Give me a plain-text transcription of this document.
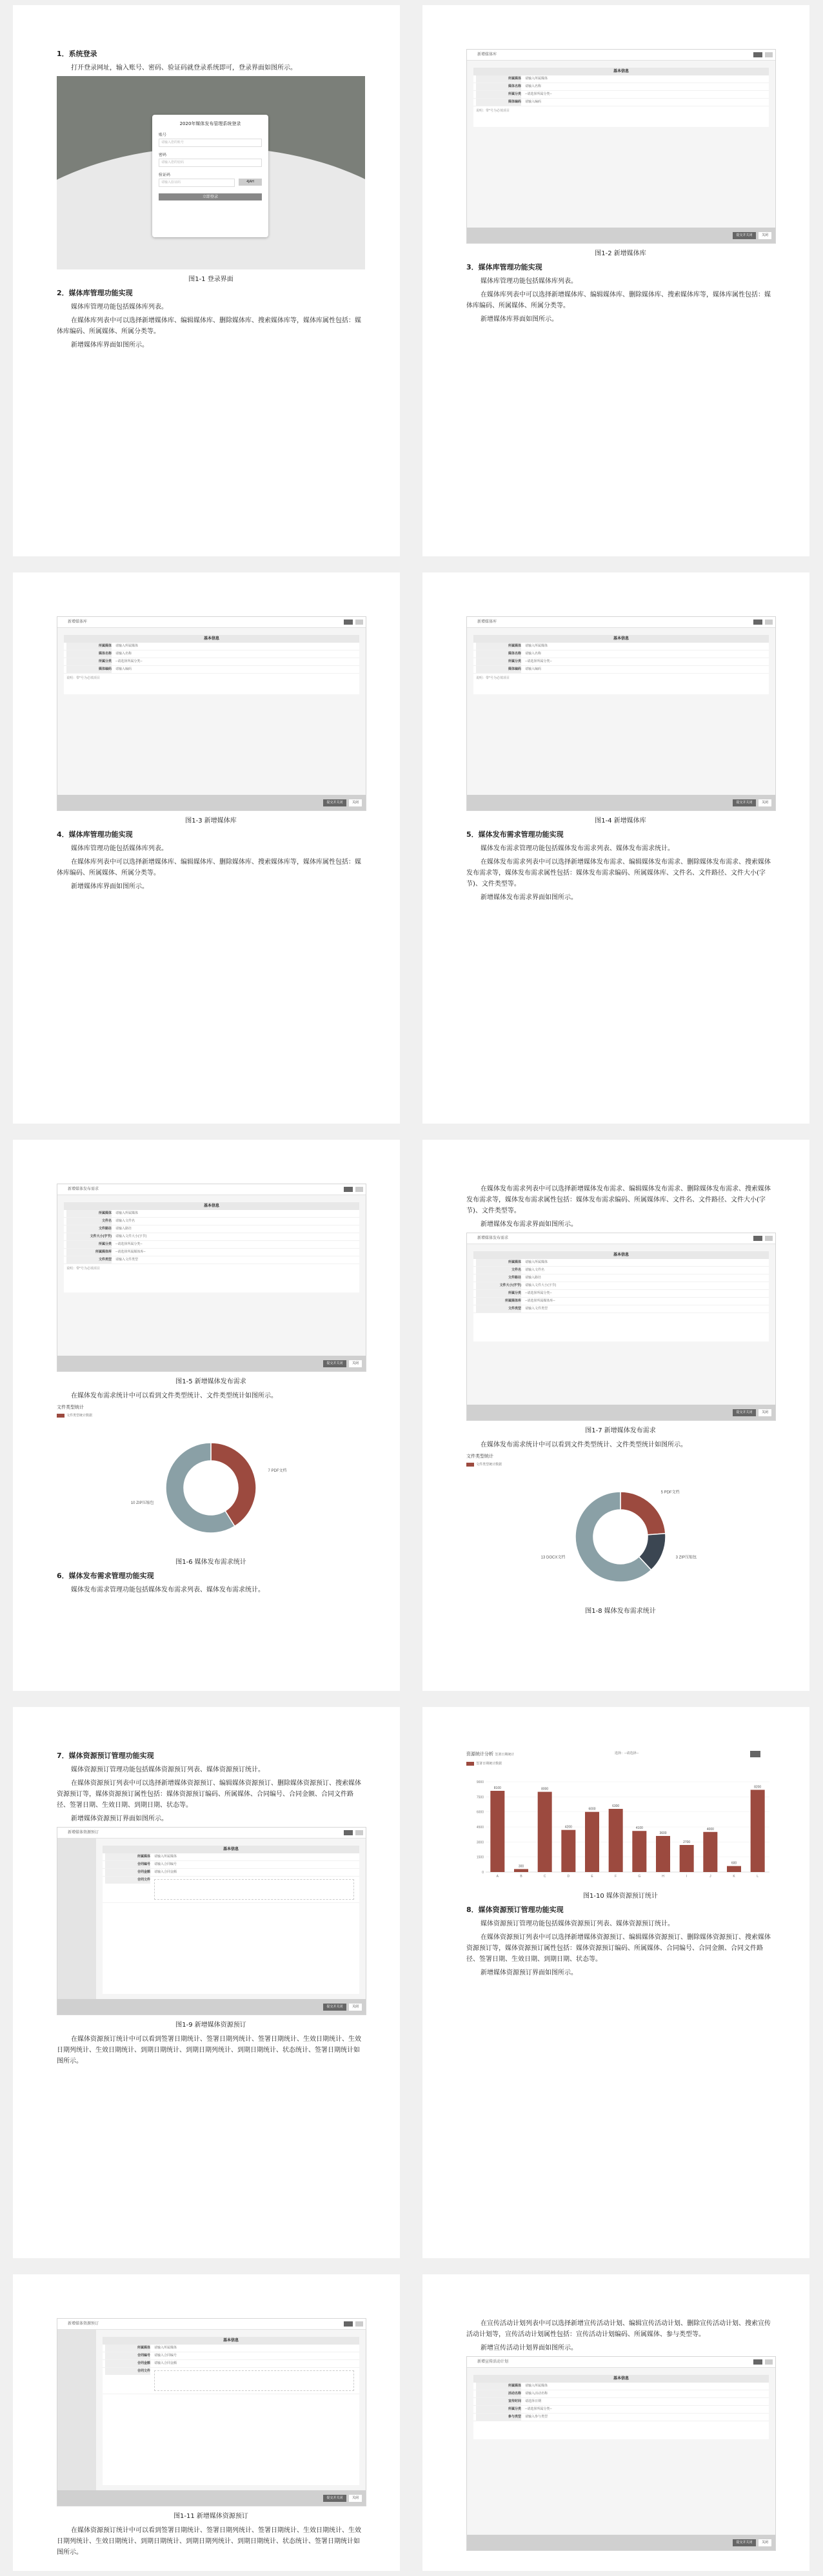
1．系统登录
打开登录网址，输入账号、密码、验证码就登录系统即可，登录界面如图所示。
2020年媒体发布管理系统登录
账号
请输入您的账号
密码
请输入您的密码
验证码
请输入验证码	4JAH
立即登录
图1-1 登录界面
2．媒体库管理功能实现
媒体库管理功能包括媒体库列表。
在媒体库列表中可以选择新增媒体库、编辑媒体库、删除媒体库、搜索媒体库等，媒体库属性包括：媒体库编码、所属媒体、所属分类等。
新增媒体库界面如图所示。
新增媒体库
基本信息
所属媒体 请输入所属媒体
媒体名称 请输入名称
所属分类 --请选择所属分类--
媒体编码 请输入编码
说明：带*号为必填项目
提交并关闭	关闭
图1-2 新增媒体库
3．媒体库管理功能实现
媒体库管理功能包括媒体库列表。
在媒体库列表中可以选择新增媒体库、编辑媒体库、删除媒体库、搜索媒体库等，媒体库属性包括：媒体库编码、所属媒体、所属分类等。
新增媒体库界面如图所示。
新增媒体库
基本信息
所属媒体 请输入所属媒体
媒体名称 请输入名称
所属分类 --请选择所属分类--
媒体编码 请输入编码
说明：带*号为必填项目
提交并关闭	关闭
图1-3 新增媒体库
4．媒体库管理功能实现
媒体库管理功能包括媒体库列表。
在媒体库列表中可以选择新增媒体库、编辑媒体库、删除媒体库、搜索媒体库等，媒体库属性包括：媒体库编码、所属媒体、所属分类等。
新增媒体库界面如图所示。
新增媒体库
基本信息
所属媒体 请输入所属媒体
媒体名称 请输入名称
所属分类 --请选择所属分类--
媒体编码 请输入编码
说明：带*号为必填项目
提交并关闭	关闭
图1-4 新增媒体库
5．媒体发布需求管理功能实现
媒体发布需求管理功能包括媒体发布需求列表、媒体发布需求统计。
在媒体发布需求列表中可以选择新增媒体发布需求、编辑媒体发布需求、删除媒体发布需求、搜索媒体发布需求等，媒体发布需求属性包括：媒体发布需求编码、所属媒体库、文件名、文件路径、文件大小(字节)、文件类型等。
新增媒体发布需求界面如图所示。
新增媒体发布需求
基本信息
所属媒体 请输入所属媒体
文件名 请输入文件名
文件路径 请输入路径
文件大小(字节) 请输入文件大小(字节)
所属分类 --请选择所属分类--
所属媒体库 --请选择所属媒体库--
文件类型 请输入文件类型
说明：带*号为必填项目
提交并关闭	关闭
图1-5 新增媒体发布需求
在媒体发布需求统计中可以看到文件类型统计、文件类型统计如图所示。
文件类型统计
文件类型统计数据
7 PDF文档
10 ZIP压缩包
图1-6 媒体发布需求统计
6．媒体发布需求管理功能实现
媒体发布需求管理功能包括媒体发布需求列表、媒体发布需求统计。
在媒体发布需求列表中可以选择新增媒体发布需求、编辑媒体发布需求、删除媒体发布需求、搜索媒体发布需求等，媒体发布需求属性包括：媒体发布需求编码、所属媒体库、文件名、文件路径、文件大小(字节)、文件类型等。
新增媒体发布需求界面如图所示。
新增媒体发布需求
基本信息
所属媒体 请输入所属媒体
文件名 请输入文件名
文件路径 请输入路径
文件大小(字节) 请输入文件大小(字节)
所属分类 --请选择所属分类--
所属媒体库 --请选择所属媒体库--
文件类型 请输入文件类型
提交并关闭	关闭
图1-7 新增媒体发布需求
在媒体发布需求统计中可以看到文件类型统计、文件类型统计如图所示。
文件类型统计
文件类型统计数据
5 PDF文档
3 ZIP压缩包
13 DOCX文档
图1-8 媒体发布需求统计
7．媒体资源预订管理功能实现
媒体资源预订管理功能包括媒体资源预订列表、媒体资源预订统计。
在媒体资源预订列表中可以选择新增媒体资源预订、编辑媒体资源预订、删除媒体资源预订、搜索媒体资源预订等，媒体资源预订属性包括：媒体资源预订编码、所属媒体、合同编号、合同金额、合同文件路径、签署日期、生效日期、到期日期、状态等。
新增媒体资源预订界面如图所示。
新增媒体资源预订
基本信息
所属媒体 请输入所属媒体
合同编号 请输入合同编号
合同金额 请输入合同金额
合同文件
提交并关闭	关闭
图1-9 新增媒体资源预订
在媒体资源预订统计中可以看到签署日期统计、签署日期列统计、签署日期统计、生效日期统计、生效日期列统计、生效日期统计、到期日期统计、到期日期列统计、到期日期统计、状态统计、签署日期统计如图所示。
资源统计分析 签署日期统计	选择：--请选择--
签署日期统计数据
0
1500
3000
4500
6000
7500
9000
8100
A
300
B
8000
C
4200
D
6000
E
6300
F
4100
G
3600
H
2700
I
4000
J
600
K
8200
L
图1-10 媒体资源预订统计
8．媒体资源预订管理功能实现
媒体资源预订管理功能包括媒体资源预订列表、媒体资源预订统计。
在媒体资源预订列表中可以选择新增媒体资源预订、编辑媒体资源预订、删除媒体资源预订、搜索媒体资源预订等，媒体资源预订属性包括：媒体资源预订编码、所属媒体、合同编号、合同金额、合同文件路径、签署日期、生效日期、到期日期、状态等。
新增媒体资源预订界面如图所示。
新增媒体资源预订
基本信息
所属媒体 请输入所属媒体
合同编号 请输入合同编号
合同金额 请输入合同金额
合同文件
提交并关闭	关闭
图1-11 新增媒体资源预订
在媒体资源预订统计中可以看到签署日期统计、签署日期列统计、签署日期统计、生效日期统计、生效日期列统计、生效日期统计、到期日期统计、到期日期列统计、到期日期统计、状态统计、签署日期统计如图所示。
在宣传活动计划列表中可以选择新增宣传活动计划、编辑宣传活动计划、删除宣传活动计划、搜索宣传活动计划等，宣传活动计划属性包括：宣传活动计划编码、所属媒体、参与类型等。
新增宣传活动计划界面如图所示。
新增宣传活动计划
基本信息
所属媒体 请输入所属媒体
活动名称 请输入活动名称
宣传时间 请选择日期
所属分类 --请选择所属分类--
参与类型 请输入参与类型
提交并关闭	关闭
